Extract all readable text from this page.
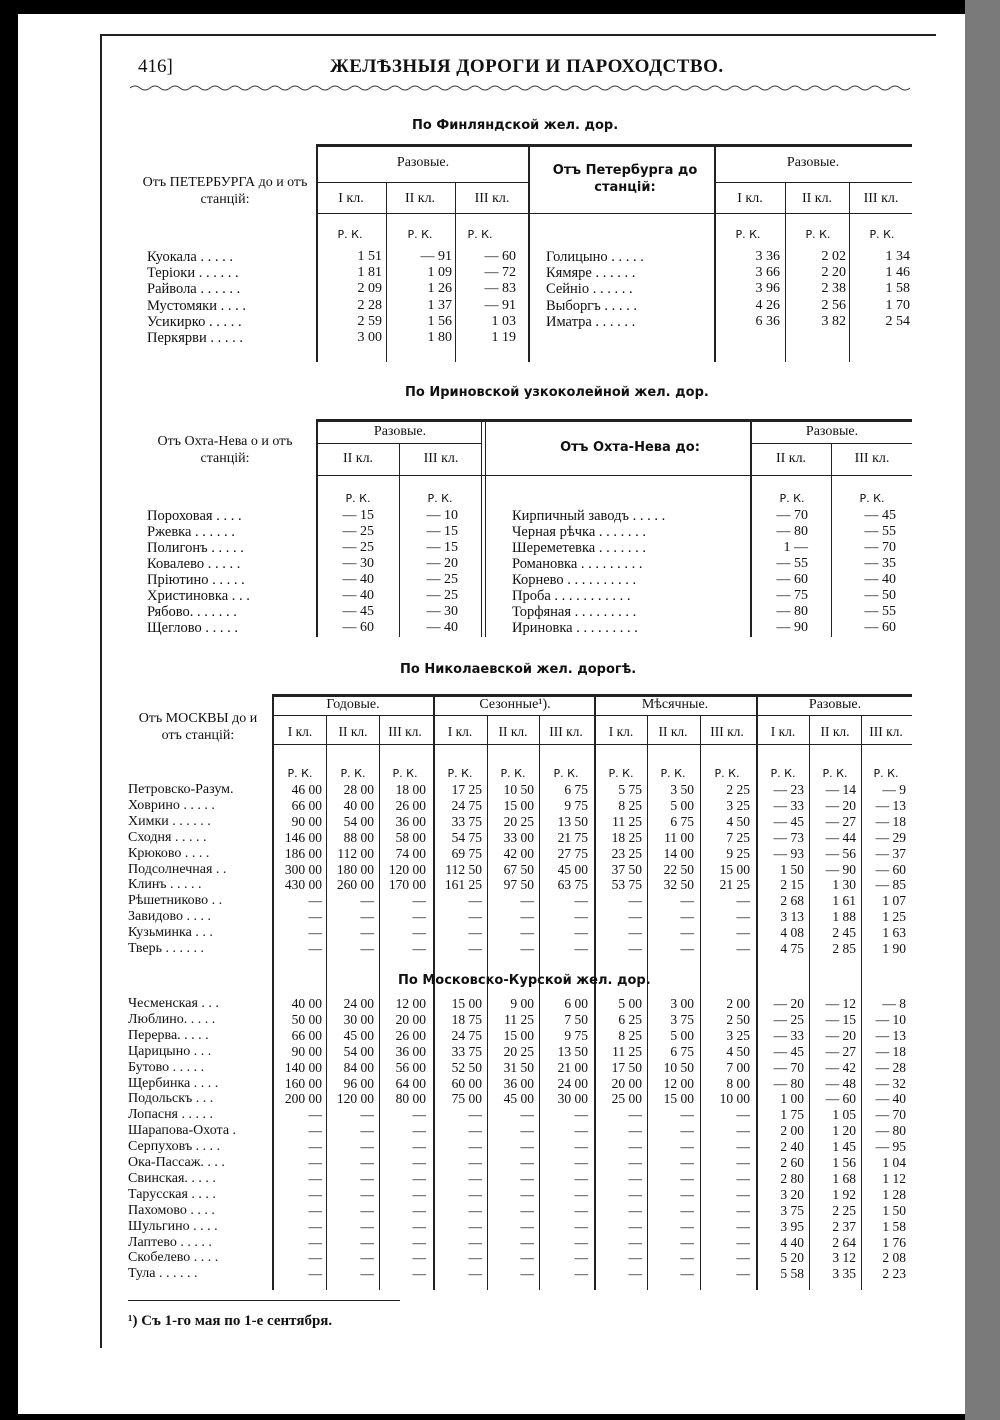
416]	ЖЕЛѢЗНЫЯ ДОРОГИ И ПАРОХОДСТВО.
По Финляндской жел. дор.
Отъ ПЕТЕРБУРГА до и отъ станцій:
Отъ Петербурга до станцій:
Разовые.	Разовые.
I кл.	II кл.	III кл.	I кл.	II кл.	III кл.
Р. К.	Р. К.	Р. К.	Р. К.	Р. К.	Р. К.
Куокала . . . . .	1 51	— 91	— 60
Теріоки . . . . . .	1 81	1 09	— 72
Райвола . . . . . .	2 09	1 26	— 83
Мустомяки . . . .	2 28	1 37	— 91
Усикирко . . . . .	2 59	1 56	1 03
Перкярви . . . . .	3 00	1 80	1 19
Голицыно . . . . .	3 36	2 02	1 34
Кямяре . . . . . .	3 66	2 20	1 46
Сейніо . . . . . .	3 96	2 38	1 58
Выборгъ . . . . .	4 26	2 56	1 70
Иматра . . . . . .	6 36	3 82	2 54
По Ириновской узкоколейной жел. дор.
Отъ Охта-Нева о и отъ станцій:
Отъ Охта-Нева до:
Разовые.	Разовые.
II кл.	III кл.	II кл.	III кл.
Р. К.	Р. К.	Р. К.	Р. К.
Пороховая . . . .	— 15	— 10
Ржевка . . . . . .	— 25	— 15
Полигонъ . . . . .	— 25	— 15
Ковалево . . . . .	— 30	— 20
Пріютино . . . . .	— 40	— 25
Христиновка . . .	— 40	— 25
Рябово. . . . . . .	— 45	— 30
Щеглово . . . . .	— 60	— 40
Кирпичный заводъ . . . . .	— 70	— 45
Черная рѣчка . . . . . . .	— 80	— 55
Шереметевка . . . . . . .	1 —	— 70
Романовка . . . . . . . . .	— 55	— 35
Корнево . . . . . . . . . .	— 60	— 40
Проба . . . . . . . . . . .	— 75	— 50
Торфяная . . . . . . . . .	— 80	— 55
Ириновка . . . . . . . . .	— 90	— 60
По Николаевской жел. дорогѣ.
Отъ МОСКВЫ до и отъ станцій:
Годовые.	Сезонные¹).	Мѣсячные.	Разовые.
I кл.	II кл.	III кл.	I кл.	II кл.	III кл.	I кл.	II кл.	III кл.	I кл.	II кл.	III кл.
Р. К.	Р. К.	Р. К.	Р. К.	Р. К.	Р. К.	Р. К.	Р. К.	Р. К.	Р. К.	Р. К.	Р. К.
Петровско-Разум.	46 00	28 00	18 00	17 25	10 50	6 75	5 75	3 50	2 25	— 23	— 14	— 9
Ховрино . . . . .	66 00	40 00	26 00	24 75	15 00	9 75	8 25	5 00	3 25	— 33	— 20	— 13
Химки . . . . . .	90 00	54 00	36 00	33 75	20 25	13 50	11 25	6 75	4 50	— 45	— 27	— 18
Сходня . . . . .	146 00	88 00	58 00	54 75	33 00	21 75	18 25	11 00	7 25	— 73	— 44	— 29
Крюково . . . .	186 00	112 00	74 00	69 75	42 00	27 75	23 25	14 00	9 25	— 93	— 56	— 37
Подсолнечная . .	300 00	180 00	120 00	112 50	67 50	45 00	37 50	22 50	15 00	1 50	— 90	— 60
Клинъ . . . . .	430 00	260 00	170 00	161 25	97 50	63 75	53 75	32 50	21 25	2 15	1 30	— 85
Рѣшетниково . .	—	—	—	—	—	—	—	—	—	2 68	1 61	1 07
Завидово . . . .	—	—	—	—	—	—	—	—	—	3 13	1 88	1 25
Кузьминка . . .	—	—	—	—	—	—	—	—	—	4 08	2 45	1 63
Тверь . . . . . .	—	—	—	—	—	—	—	—	—	4 75	2 85	1 90
По Московско-Курской жел. дор.
Чесменская . . .	40 00	24 00	12 00	15 00	9 00	6 00	5 00	3 00	2 00	— 20	— 12	— 8
Люблино. . . . .	50 00	30 00	20 00	18 75	11 25	7 50	6 25	3 75	2 50	— 25	— 15	— 10
Перерва. . . . .	66 00	45 00	26 00	24 75	15 00	9 75	8 25	5 00	3 25	— 33	— 20	— 13
Царицыно . . .	90 00	54 00	36 00	33 75	20 25	13 50	11 25	6 75	4 50	— 45	— 27	— 18
Бутово . . . . .	140 00	84 00	56 00	52 50	31 50	21 00	17 50	10 50	7 00	— 70	— 42	— 28
Щербинка . . . .	160 00	96 00	64 00	60 00	36 00	24 00	20 00	12 00	8 00	— 80	— 48	— 32
Подольскъ . . .	200 00	120 00	80 00	75 00	45 00	30 00	25 00	15 00	10 00	1 00	— 60	— 40
Лопасня . . . . .	—	—	—	—	—	—	—	—	—	1 75	1 05	— 70
Шарапова-Охота .	—	—	—	—	—	—	—	—	—	2 00	1 20	— 80
Серпуховъ . . . .	—	—	—	—	—	—	—	—	—	2 40	1 45	— 95
Ока-Пассаж. . . .	—	—	—	—	—	—	—	—	—	2 60	1 56	1 04
Свинская. . . . .	—	—	—	—	—	—	—	—	—	2 80	1 68	1 12
Тарусская . . . .	—	—	—	—	—	—	—	—	—	3 20	1 92	1 28
Пахомово . . . .	—	—	—	—	—	—	—	—	—	3 75	2 25	1 50
Шульгино . . . .	—	—	—	—	—	—	—	—	—	3 95	2 37	1 58
Лаптево . . . . .	—	—	—	—	—	—	—	—	—	4 40	2 64	1 76
Скобелево . . . .	—	—	—	—	—	—	—	—	—	5 20	3 12	2 08
Тула . . . . . .	—	—	—	—	—	—	—	—	—	5 58	3 35	2 23
¹) Съ 1-го мая по 1-е сентября.
